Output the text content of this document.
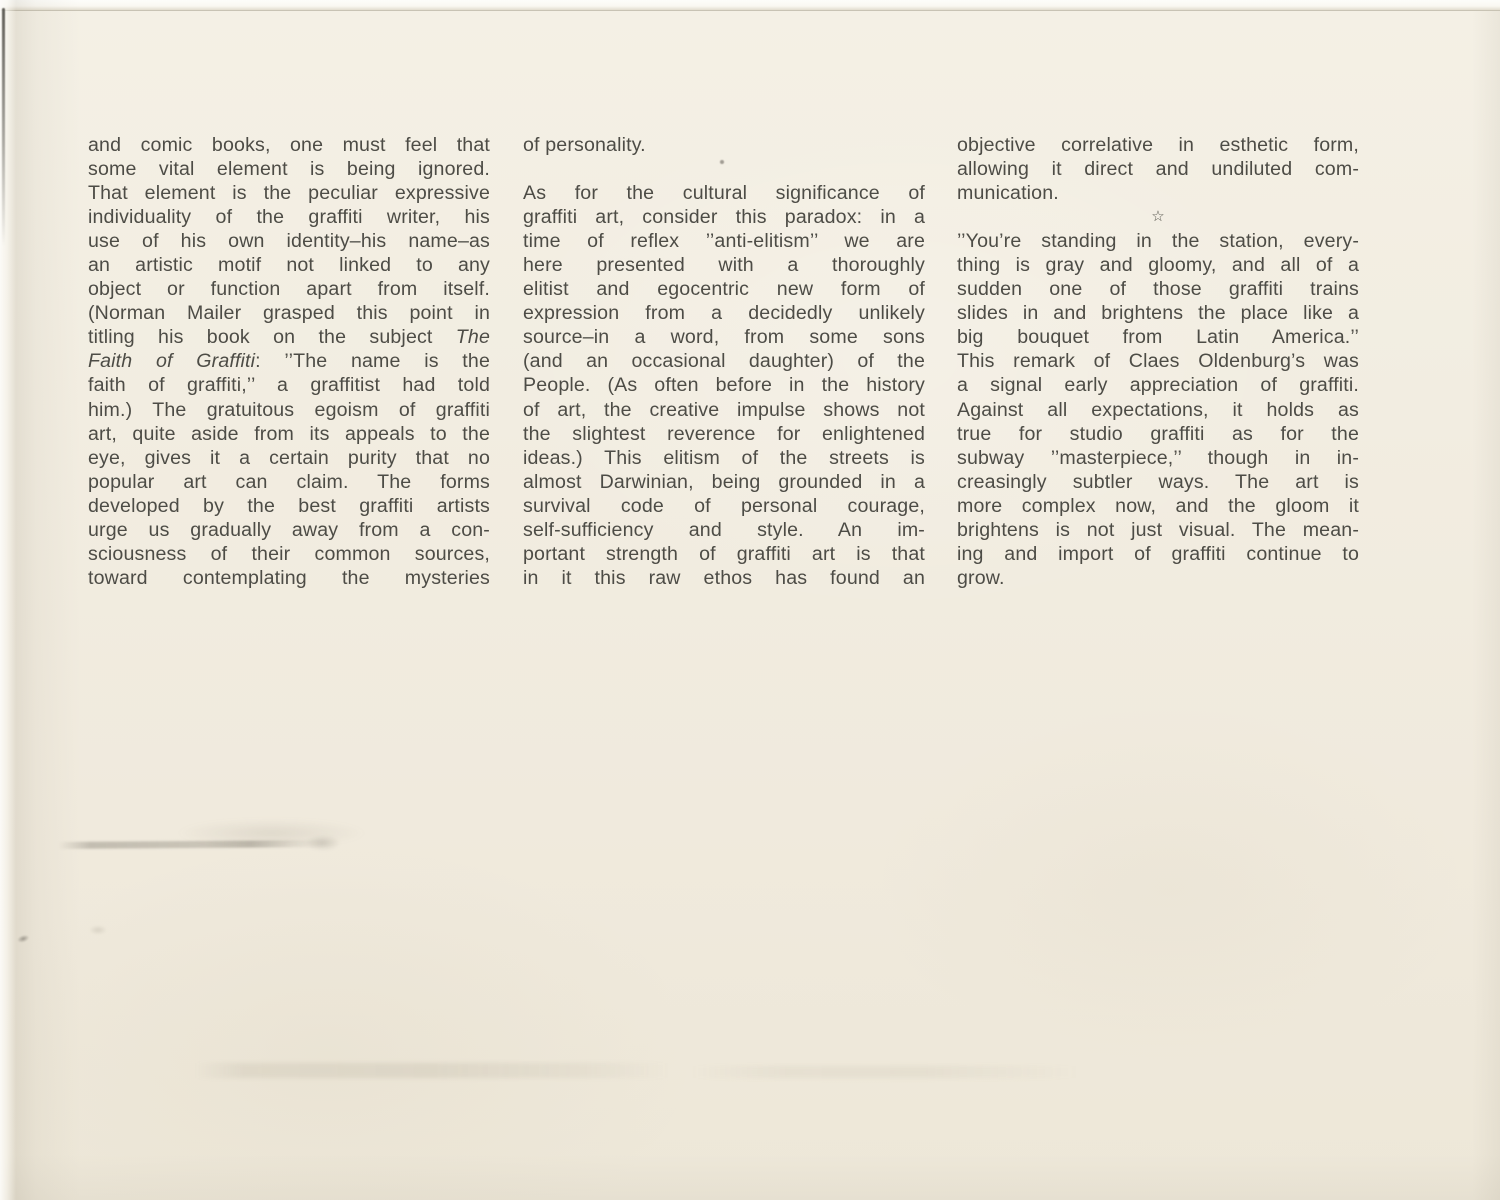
and comic books, one must feel that
some vital element is being ignored.
That element is the peculiar expressive
individuality of the graffiti writer, his
use of his own identity–his name–as
an artistic motif not linked to any
object or function apart from itself.
(Norman Mailer grasped this point in
titling his book on the subject The
Faith of Graffiti: ’’The name is the
faith of graffiti,’’ a graffitist had told
him.) The gratuitous egoism of graffiti
art, quite aside from its appeals to the
eye, gives it a certain purity that no
popular art can claim. The forms
developed by the best graffiti artists
urge us gradually away from a con-
sciousness of their common sources,
toward contemplating the mysteries
of personality.
As for the cultural significance of
graffiti art, consider this paradox: in a
time of reflex ’’anti-elitism’’ we are
here presented with a thoroughly
elitist and egocentric new form of
expression from a decidedly unlikely
source–in a word, from some sons
(and an occasional daughter) of the
People. (As often before in the history
of art, the creative impulse shows not
the slightest reverence for enlightened
ideas.) This elitism of the streets is
almost Darwinian, being grounded in a
survival code of personal courage,
self-sufficiency and style. An im-
portant strength of graffiti art is that
in it this raw ethos has found an
objective correlative in esthetic form,
allowing it direct and undiluted com-
munication.
☆
’’You’re standing in the station, every-
thing is gray and gloomy, and all of a
sudden one of those graffiti trains
slides in and brightens the place like a
big bouquet from Latin America.’’
This remark of Claes Oldenburg’s was
a signal early appreciation of graffiti.
Against all expectations, it holds as
true for studio graffiti as for the
subway ’’masterpiece,’’ though in in-
creasingly subtler ways. The art is
more complex now, and the gloom it
brightens is not just visual. The mean-
ing and import of graffiti continue to
grow.
